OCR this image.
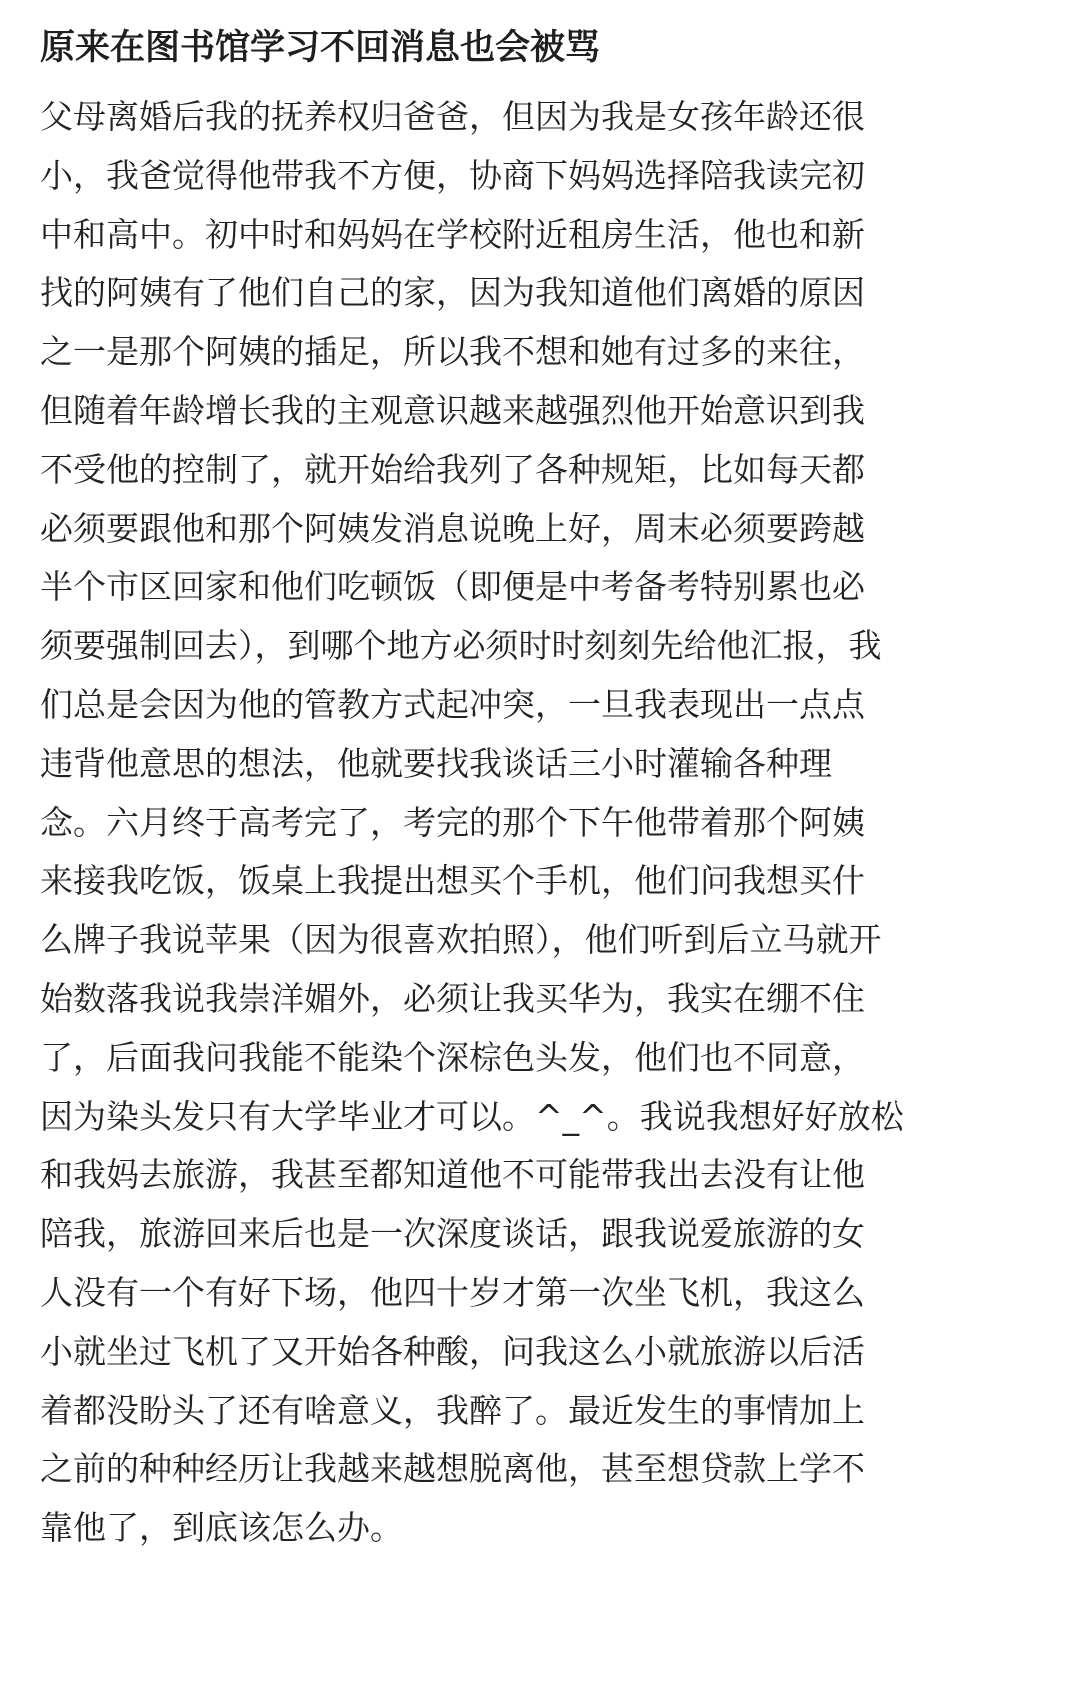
原来在图书馆学习不回消息也会被骂
父母离婚后我的抚养权归爸爸，但因为我是女孩年龄还很
小，我爸觉得他带我不方便，协商下妈妈选择陪我读完初
中和高中。初中时和妈妈在学校附近租房生活，他也和新
找的阿姨有了他们自己的家，因为我知道他们离婚的原因
之一是那个阿姨的插足，所以我不想和她有过多的来往，
但随着年龄增长我的主观意识越来越强烈他开始意识到我
不受他的控制了，就开始给我列了各种规矩，比如每天都
必须要跟他和那个阿姨发消息说晚上好，周末必须要跨越
半个市区回家和他们吃顿饭（即便是中考备考特别累也必
须要强制回去），到哪个地方必须时时刻刻先给他汇报，我
们总是会因为他的管教方式起冲突，一旦我表现出一点点
违背他意思的想法，他就要找我谈话三小时灌输各种理
念。六月终于高考完了，考完的那个下午他带着那个阿姨
来接我吃饭，饭桌上我提出想买个手机，他们问我想买什
么牌子我说苹果（因为很喜欢拍照），他们听到后立马就开
始数落我说我崇洋媚外，必须让我买华为，我实在绷不住
了，后面我问我能不能染个深棕色头发，他们也不同意，
因为染头发只有大学毕业才可以。^_^。我说我想好好放松
和我妈去旅游，我甚至都知道他不可能带我出去没有让他
陪我，旅游回来后也是一次深度谈话，跟我说爱旅游的女
人没有一个有好下场，他四十岁才第一次坐飞机，我这么
小就坐过飞机了又开始各种酸，问我这么小就旅游以后活
着都没盼头了还有啥意义，我醉了。最近发生的事情加上
之前的种种经历让我越来越想脱离他，甚至想贷款上学不
靠他了，到底该怎么办。
